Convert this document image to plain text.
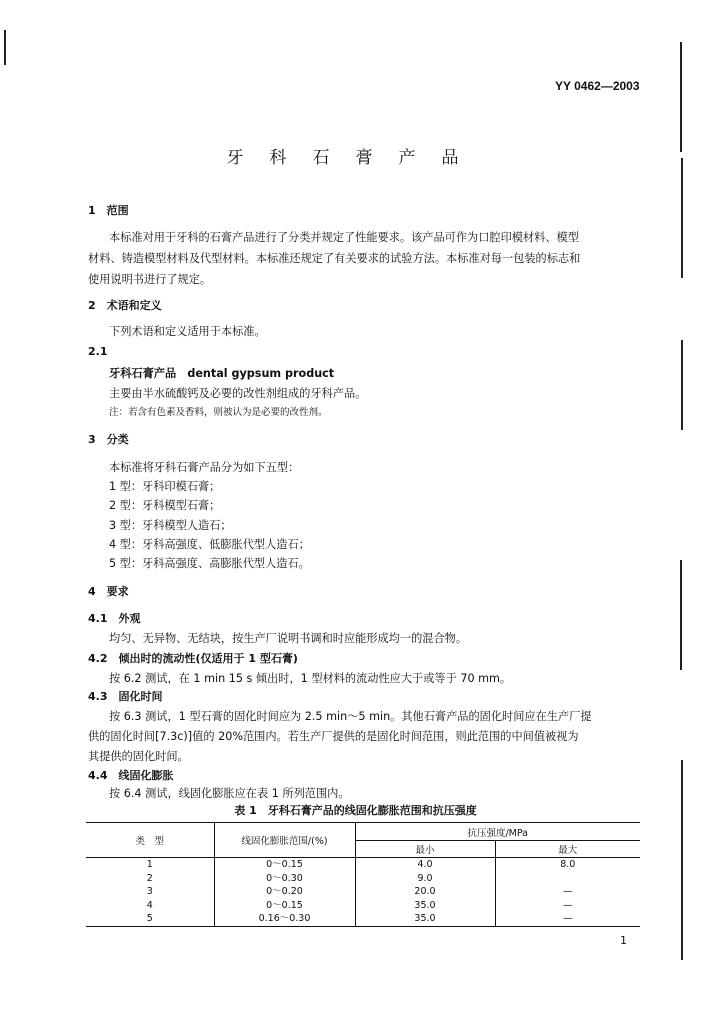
YY 0462—2003
牙科石膏产品
1　范围
本标准对用于牙科的石膏产品进行了分类并规定了性能要求。该产品可作为口腔印模材料、模型
材料、铸造模型材料及代型材料。本标准还规定了有关要求的试验方法。本标准对每一包装的标志和
使用说明书进行了规定。
2　术语和定义
下列术语和定义适用于本标准。
2.1
牙科石膏产品　dental gypsum product
主要由半水硫酸钙及必要的改性剂组成的牙科产品。
注：若含有色素及香料，则被认为是必要的改性剂。
3　分类
本标准将牙科石膏产品分为如下五型：
1 型：牙科印模石膏；
2 型：牙科模型石膏；
3 型：牙科模型人造石；
4 型：牙科高强度、低膨胀代型人造石；
5 型：牙科高强度、高膨胀代型人造石。
4　要求
4.1　外观
均匀、无异物、无结块，按生产厂说明书调和时应能形成均一的混合物。
4.2　倾出时的流动性(仅适用于 1 型石膏)
按 6.2 测试，在 1 min 15 s 倾出时，1 型材料的流动性应大于或等于 70 mm。
4.3　固化时间
按 6.3 测试，1 型石膏的固化时间应为 2.5 min～5 min。其他石膏产品的固化时间应在生产厂提
供的固化时间[7.3c)]值的 20%范围内。若生产厂提供的是固化时间范围，则此范围的中间值被视为
其提供的固化时间。
4.4　线固化膨胀
按 6.4 测试，线固化膨胀应在表 1 所列范围内。
表 1　牙科石膏产品的线固化膨胀范围和抗压强度
类　型	线固化膨胀范围/(%)	抗压强度/MPa	
		最小	最大
1	0～0.15	4.0	8.0
2	0～0.30	9.0	
3	0～0.20	20.0	—
4	0～0.15	35.0	—
5	0.16～0.30	35.0	—
1
